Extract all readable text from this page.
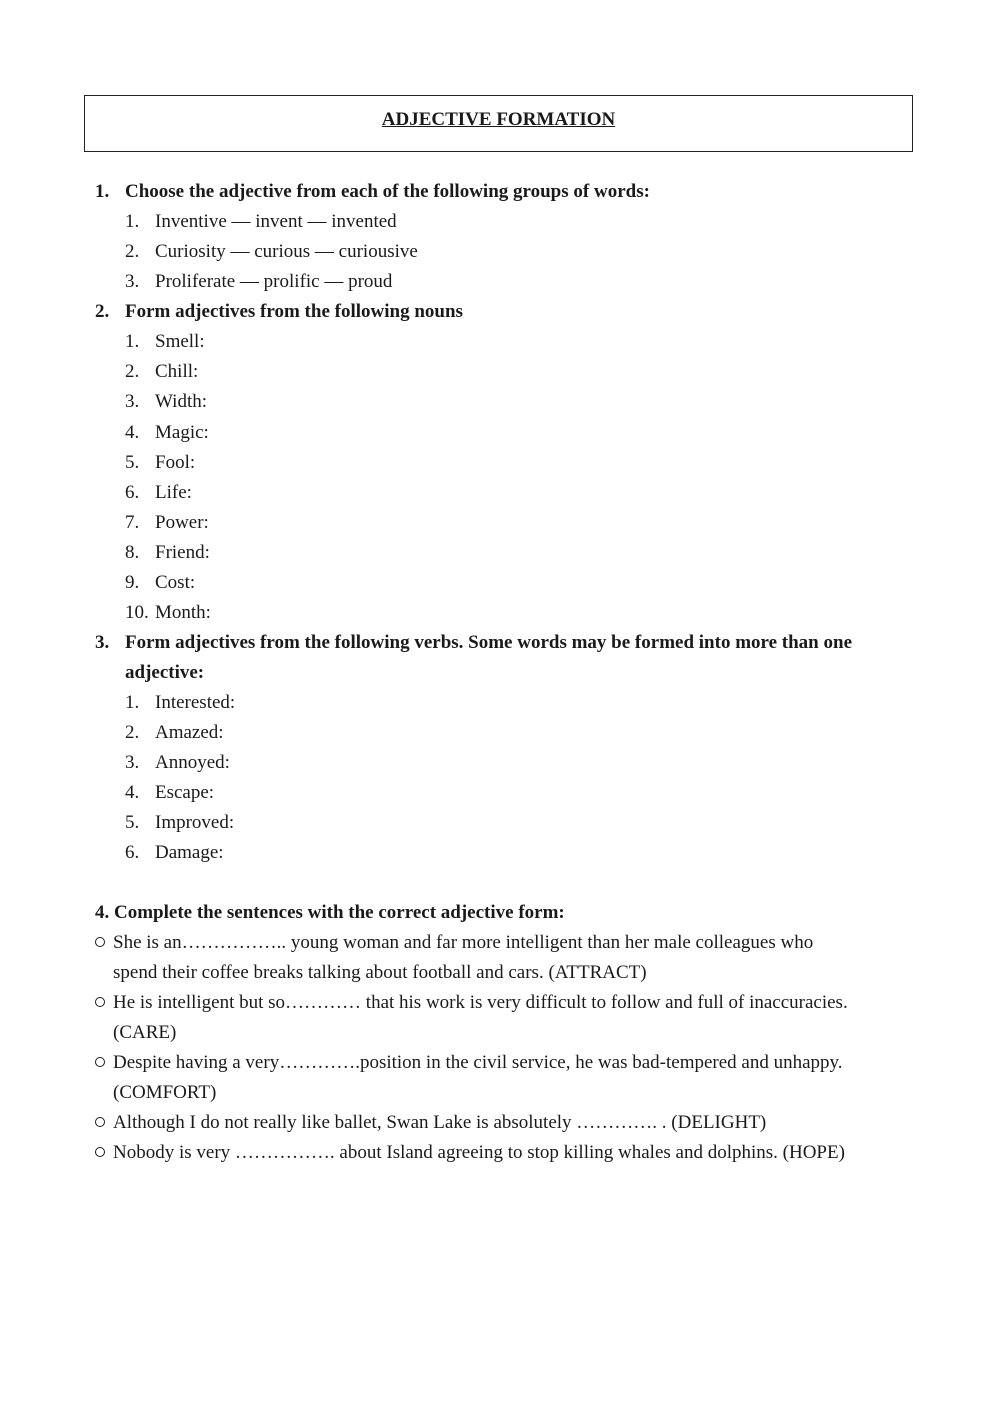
ADJECTIVE FORMATION
1. Choose the adjective from each of the following groups of words:
1. Inventive — invent — invented
2. Curiosity — curious — curiousive
3. Proliferate — prolific — proud
2. Form adjectives from the following nouns
1. Smell:
2. Chill:
3. Width:
4. Magic:
5. Fool:
6. Life:
7. Power:
8. Friend:
9. Cost:
10. Month:
3. Form adjectives from the following verbs. Some words may be formed into more than one
adjective:
1. Interested:
2. Amazed:
3. Annoyed:
4. Escape:
5. Improved:
6. Damage:
4. Complete the sentences with the correct adjective form:
She is an…………….. young woman and far more intelligent than her male colleagues who
spend their coffee breaks talking about football and cars. (ATTRACT)
He is intelligent but so………… that his work is very difficult to follow and full of inaccuracies.
(CARE)
Despite having a very………….position in the civil service, he was bad-tempered and unhappy.
(COMFORT)
Although I do not really like ballet, Swan Lake is absolutely …………. . (DELIGHT)
Nobody is very ……………. about Island agreeing to stop killing whales and dolphins. (HOPE)
